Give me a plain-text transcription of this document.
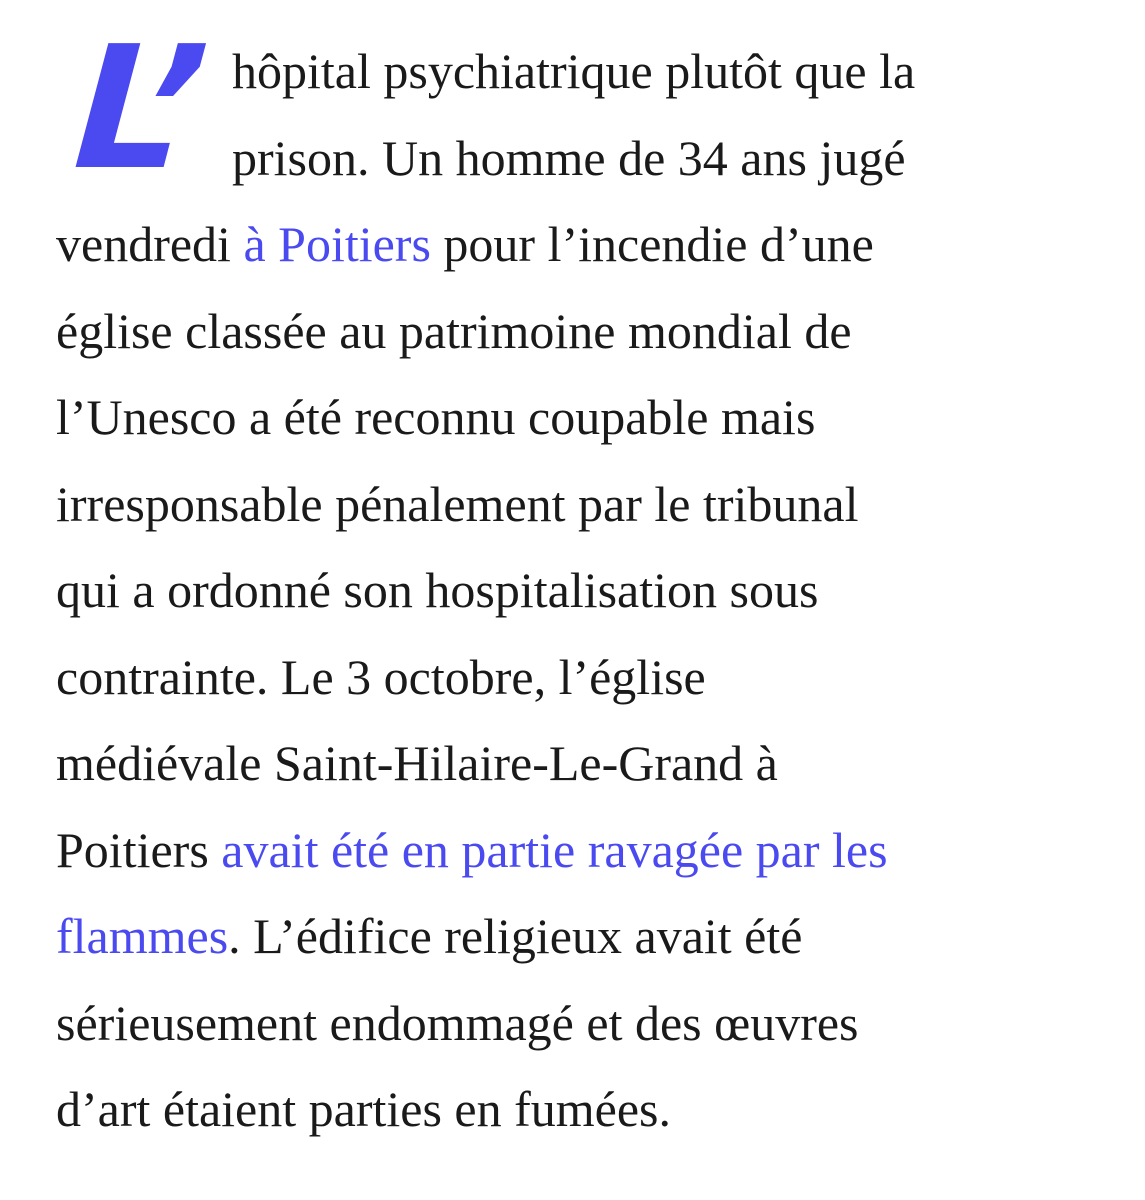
L’ hôpital psychiatrique plutôt que la
prison. Un homme de 34 ans jugé
vendredi à Poitiers pour l’incendie d’une
église classée au patrimoine mondial de
l’Unesco a été reconnu coupable mais
irresponsable pénalement par le tribunal
qui a ordonné son hospitalisation sous
contrainte. Le 3 octobre, l’église
médiévale Saint-Hilaire-Le-Grand à
Poitiers avait été en partie ravagée par les
flammes. L’édifice religieux avait été
sérieusement endommagé et des œuvres
d’art étaient parties en fumées.
